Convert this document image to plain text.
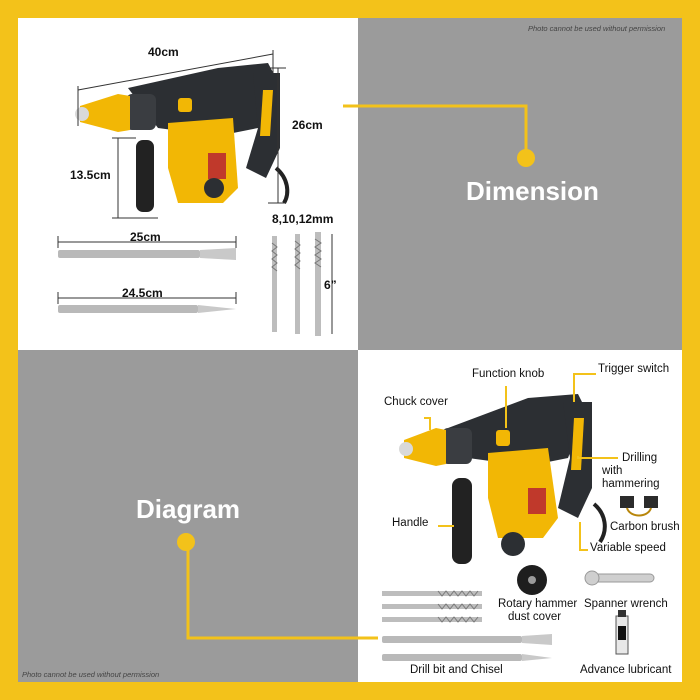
Photo cannot be used without permission
Photo cannot be used without permission
40cm
26cm
13.5cm
25cm
24.5cm
8,10,12mm
6”
Dimension
Diagram
Function knob	Trigger switch
Chuck cover
Drilling
with hammering
Handle	Carbon brush
Variable speed
Rotary hammer
dust cover
Spanner wrench
Drill bit and Chisel	Advance lubricant
